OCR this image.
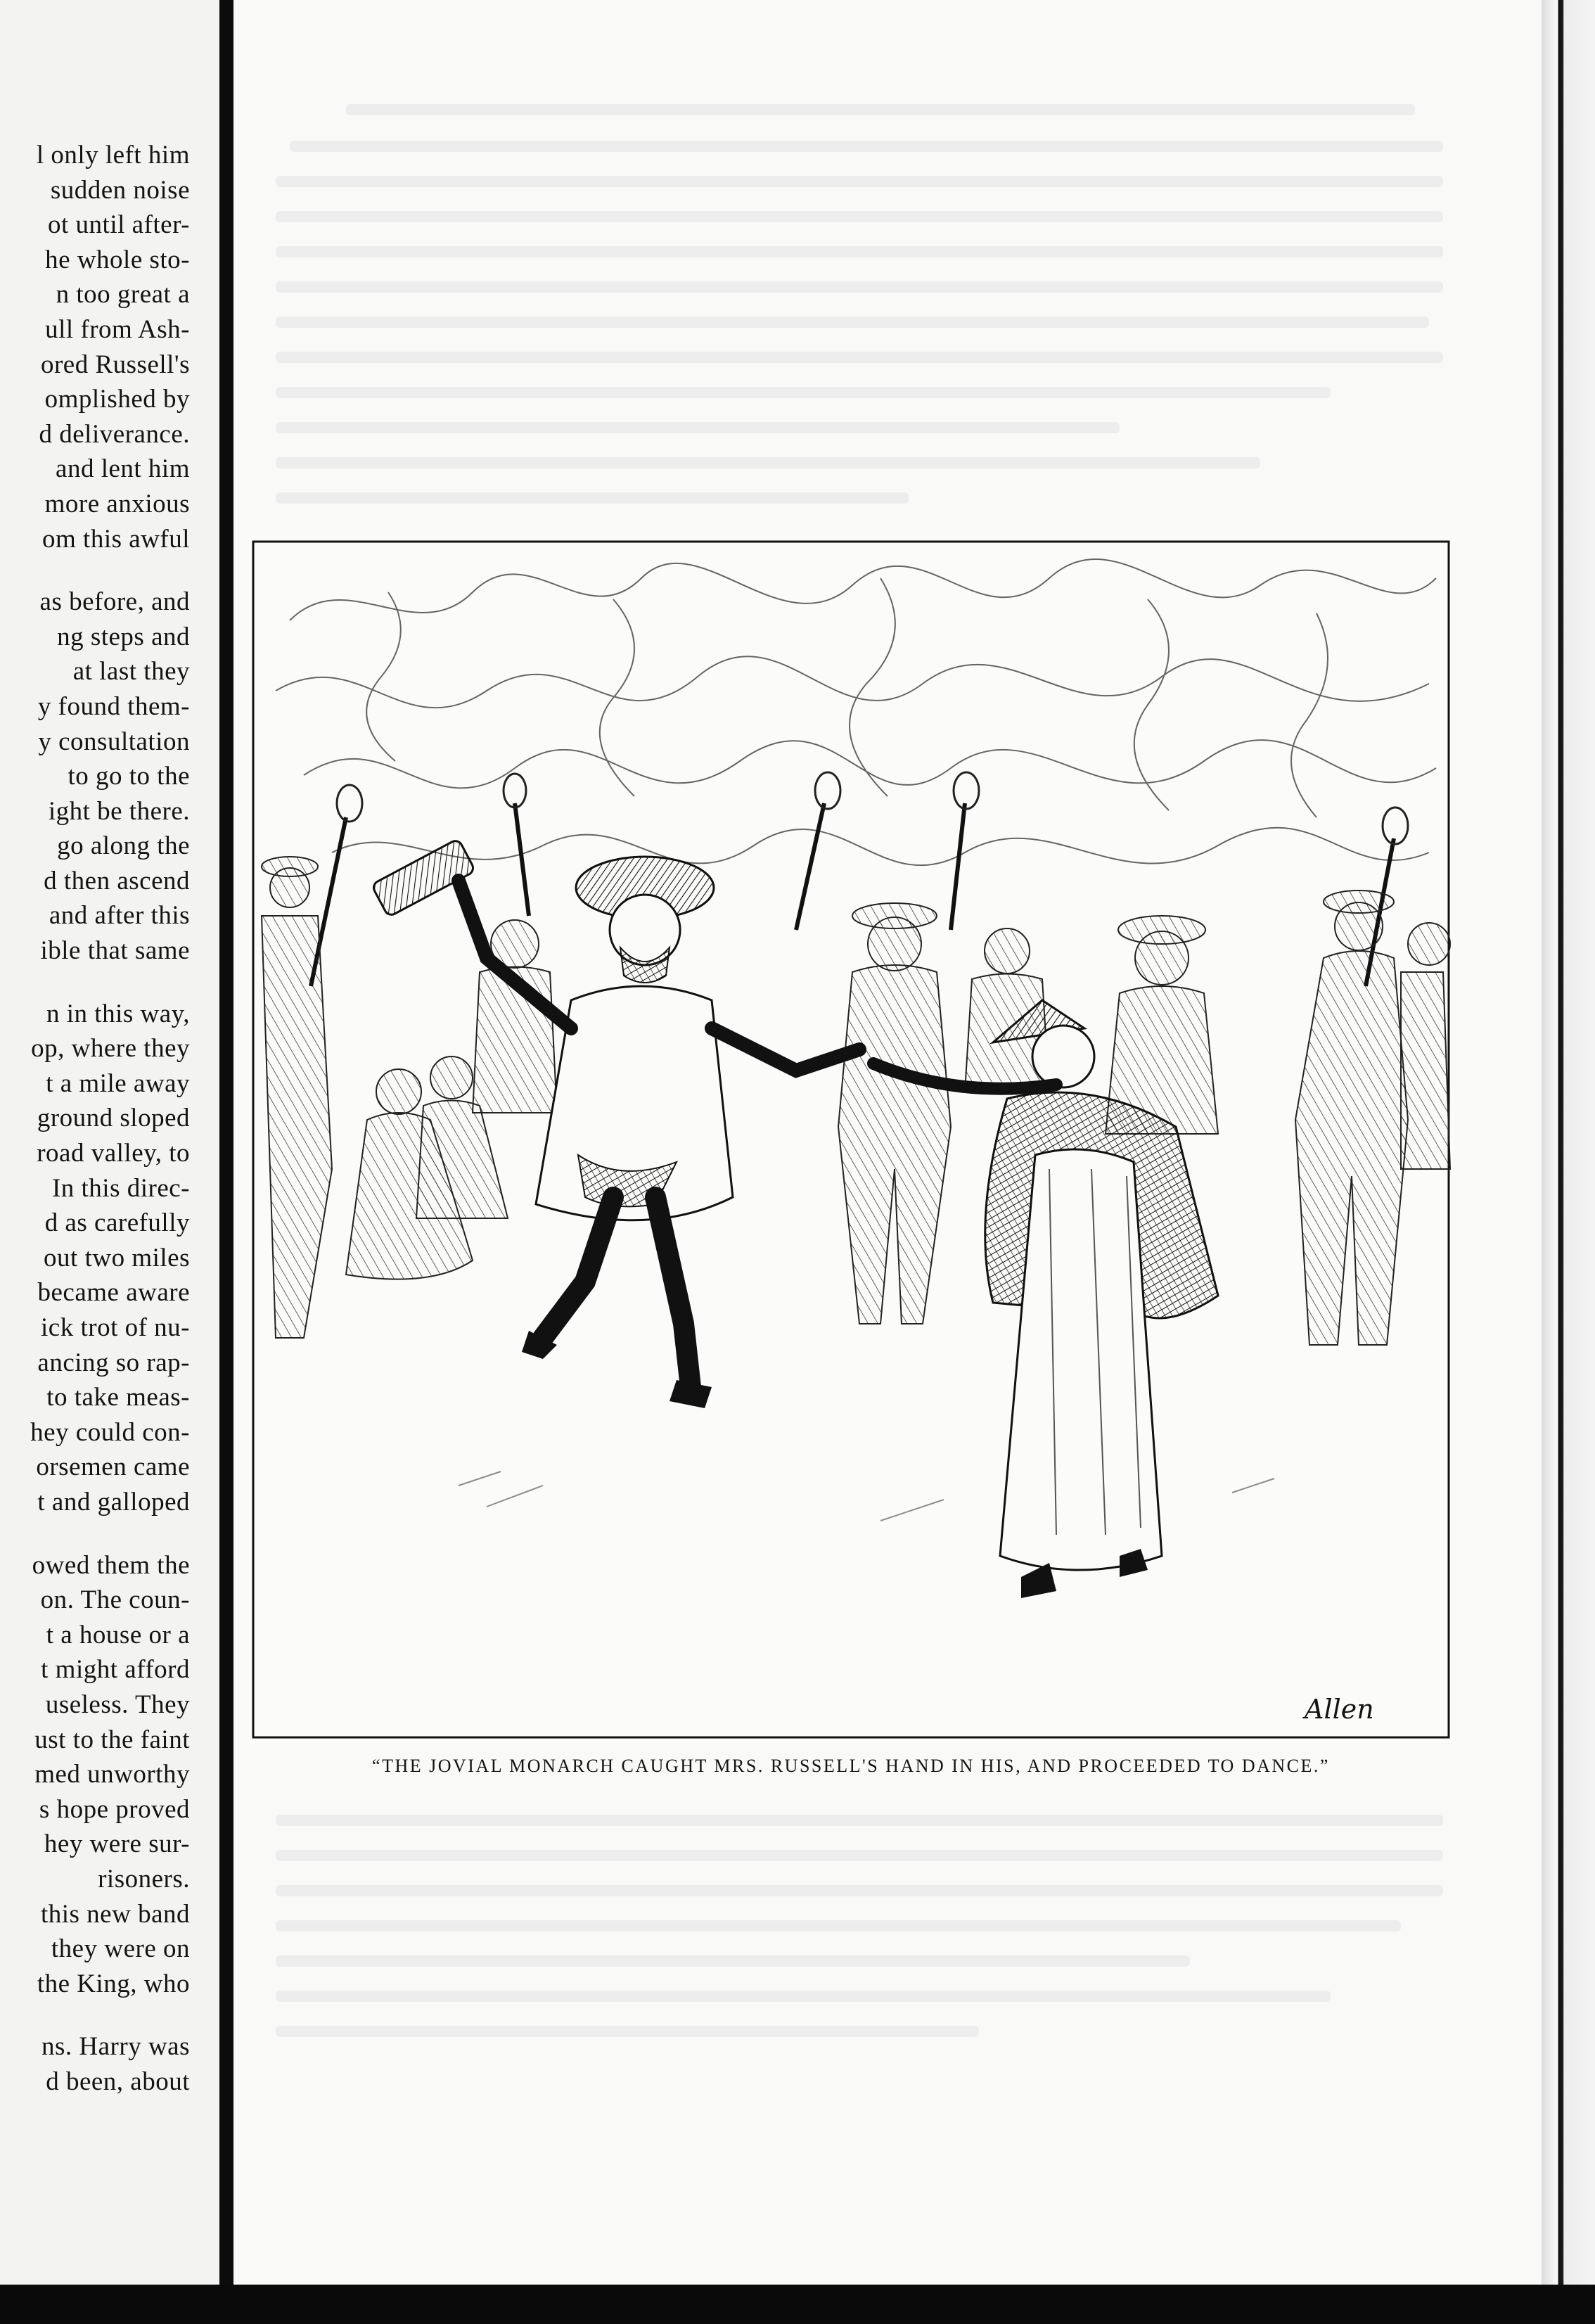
l only left him
sudden noise
ot until after-
he whole sto-
n too great a
ull from Ash-
ored Russell's
omplished by
d deliverance.
and lent him
more anxious
om this awful
as before, and
ng steps and
at last they
y found them-
y consultation
to go to the
ight be there.
go along the
d then ascend
and after this
ible that same
n in this way,
op, where they
t a mile away
ground sloped
road valley, to
In this direc-
d as carefully
out two miles
became aware
ick trot of nu-
ancing so rap-
to take meas-
hey could con-
orsemen came
t and galloped
owed them the
on. The coun-
t a house or a
t might afford
useless. They
ust to the faint
med unworthy
s hope proved
hey were sur-
risoners.
this new band
they were on
the King, who
ns. Harry was
d been, about
Allen
“THE JOVIAL MONARCH CAUGHT MRS. RUSSELL'S HAND IN HIS, AND PROCEEDED TO DANCE.”
